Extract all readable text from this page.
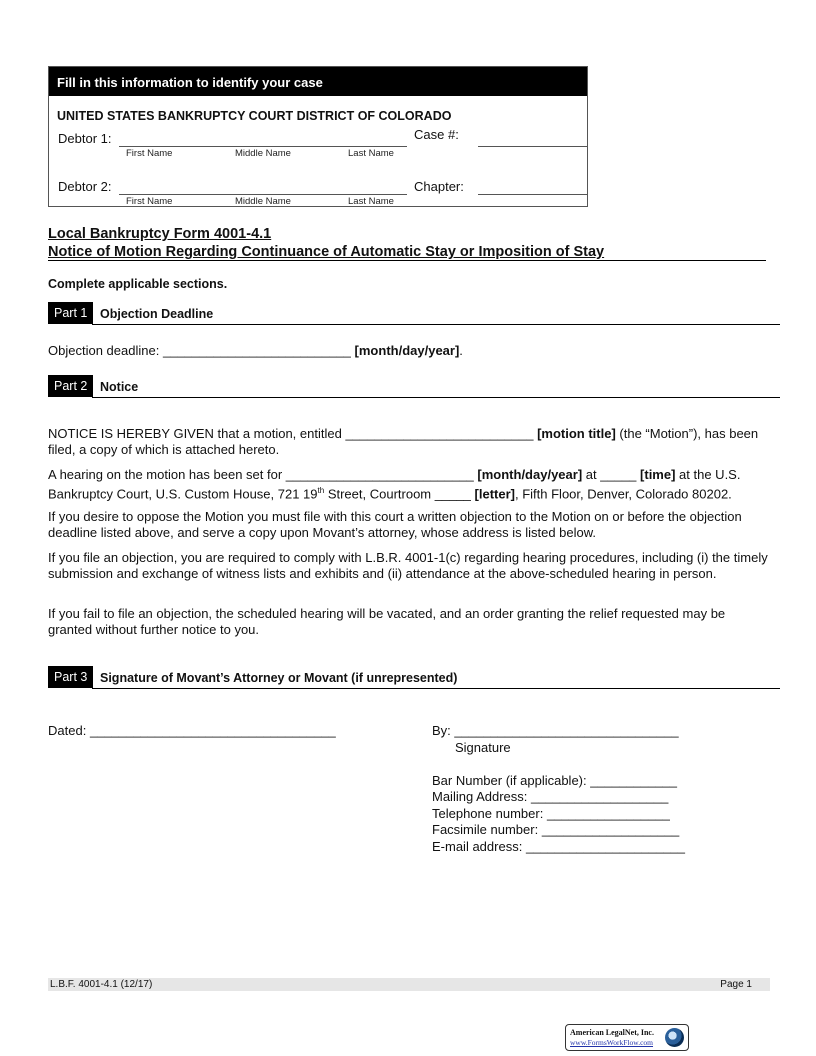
Fill in this information to identify your case
UNITED STATES BANKRUPTCY COURT DISTRICT OF COLORADO
Debtor 1:
First Name	Middle Name	Last Name
Case #:
Debtor 2:
First Name	Middle Name	Last Name
Chapter:
Local Bankruptcy Form 4001-4.1
Notice of Motion Regarding Continuance of Automatic Stay or Imposition of Stay
Complete applicable sections.
Part 1	Objection Deadline
Objection deadline: __________________________ [month/day/year].
Part 2	Notice
NOTICE IS HEREBY GIVEN that a motion, entitled __________________________ [motion title] (the “Motion”), has been filed, a copy of which is attached hereto.
A hearing on the motion has been set for __________________________ [month/day/year] at _____ [time] at the U.S. Bankruptcy Court, U.S. Custom House, 721 19th Street, Courtroom _____ [letter], Fifth Floor, Denver, Colorado 80202.
If you desire to oppose the Motion you must file with this court a written objection to the Motion on or before the objection deadline listed above, and serve a copy upon Movant’s attorney, whose address is listed below.
If you file an objection, you are required to comply with L.B.R. 4001-1(c) regarding hearing procedures, including (i) the timely submission and exchange of witness lists and exhibits and (ii) attendance at the above-scheduled hearing in person.
If you fail to file an objection, the scheduled hearing will be vacated, and an order granting the relief requested may be granted without further notice to you.
Part 3	Signature of Movant’s Attorney or Movant (if unrepresented)
Dated: __________________________________	By: _______________________________
Signature
Bar Number (if applicable): ____________
Mailing Address: ___________________
Telephone number: _________________
Facsimile number: ___________________
E-mail address: ______________________
L.B.F. 4001-4.1 (12/17)	Page 1
American LegalNet, Inc.
www.FormsWorkFlow.com
